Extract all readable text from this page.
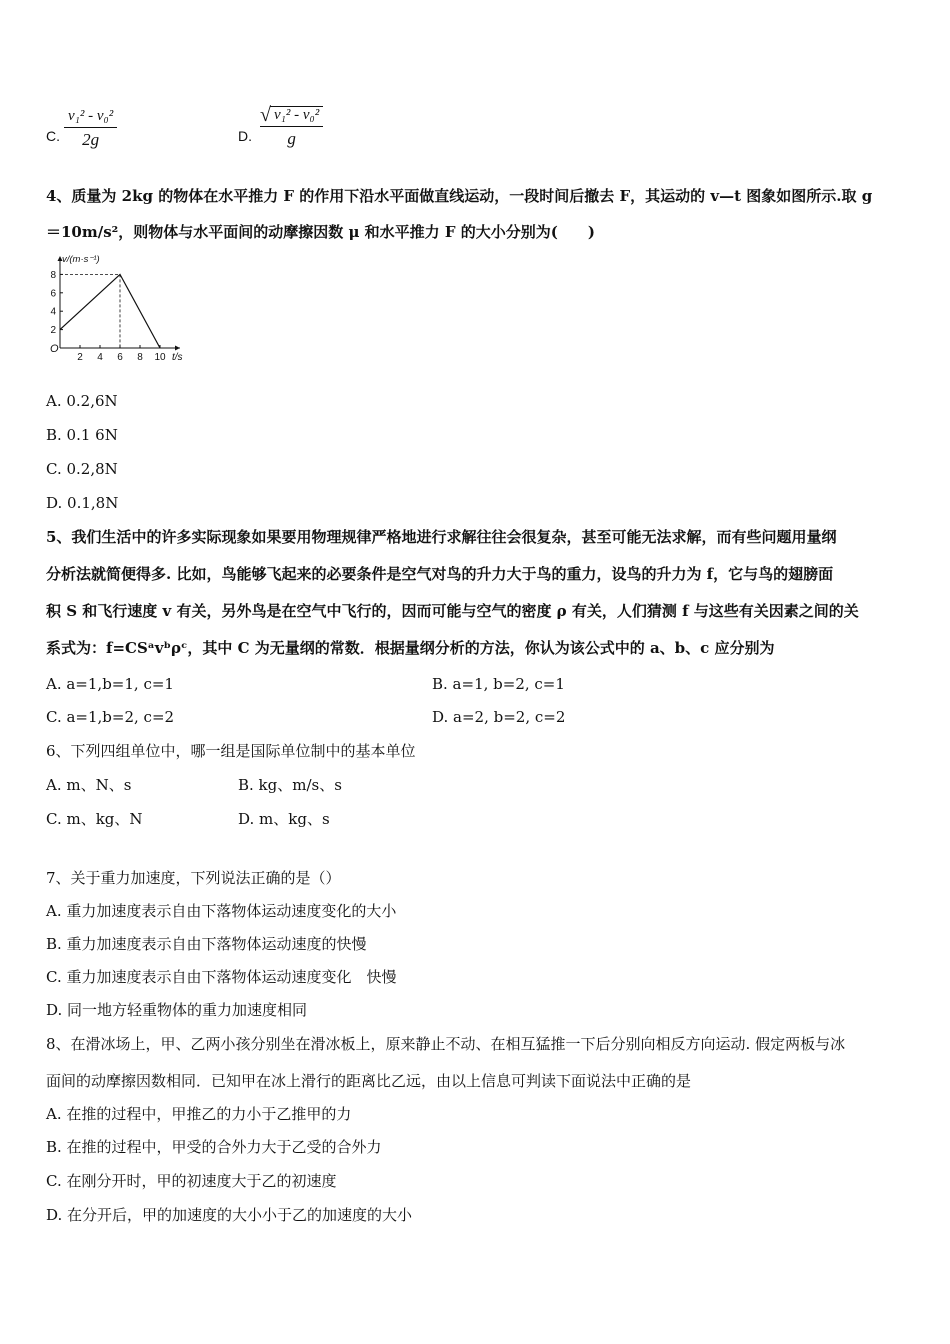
C.
v₁² - v₀²
2g	D.
v₁² - v₀²
√
g
4、质量为 2kg 的物体在水平推力 F 的作用下沿水平面做直线运动，一段时间后撤去 F，其运动的 v—t 图象如图所示.取 g
＝10m/s²，则物体与水平面间的动摩擦因数 μ 和水平推力 F 的大小分别为(　　)
2 4 6 8 10
2
4
6
8
v/(m·s⁻¹)
t/s
O
A. 0.2,6N
B. 0.1 6N
C. 0.2,8N
D. 0.1,8N
5、我们生活中的许多实际现象如果要用物理规律严格地进行求解往往会很复杂，甚至可能无法求解，而有些问题用量纲
分析法就简便得多. 比如，鸟能够飞起来的必要条件是空气对鸟的升力大于鸟的重力，设鸟的升力为 f，它与鸟的翅膀面
积 S 和飞行速度 v 有关，另外鸟是在空气中飞行的，因而可能与空气的密度 ρ 有关，人们猜测 f 与这些有关因素之间的关
系式为：f=CSᵃvᵇρᶜ，其中 C 为无量纲的常数．根据量纲分析的方法，你认为该公式中的 a、b、c 应分别为
A. a=1,b=1, c=1	B. a=1, b=2, c=1
C. a=1,b=2, c=2	D. a=2, b=2, c=2
6、下列四组单位中，哪一组是国际单位制中的基本单位
A. m、N、s	B. kg、m/s、s
C. m、kg、N	D. m、kg、s
7、关于重力加速度，下列说法正确的是（）
A. 重力加速度表示自由下落物体运动速度变化的大小
B. 重力加速度表示自由下落物体运动速度的快慢
C. 重力加速度表示自由下落物体运动速度变化　快慢
D. 同一地方轻重物体的重力加速度相同
8、在滑冰场上，甲、乙两小孩分别坐在滑冰板上，原来静止不动、在相互猛推一下后分别向相反方向运动. 假定两板与冰
面间的动摩擦因数相同．已知甲在冰上滑行的距离比乙远，由以上信息可判读下面说法中正确的是
A. 在推的过程中，甲推乙的力小于乙推甲的力
B. 在推的过程中，甲受的合外力大于乙受的合外力
C. 在刚分开时，甲的初速度大于乙的初速度
D. 在分开后，甲的加速度的大小小于乙的加速度的大小
